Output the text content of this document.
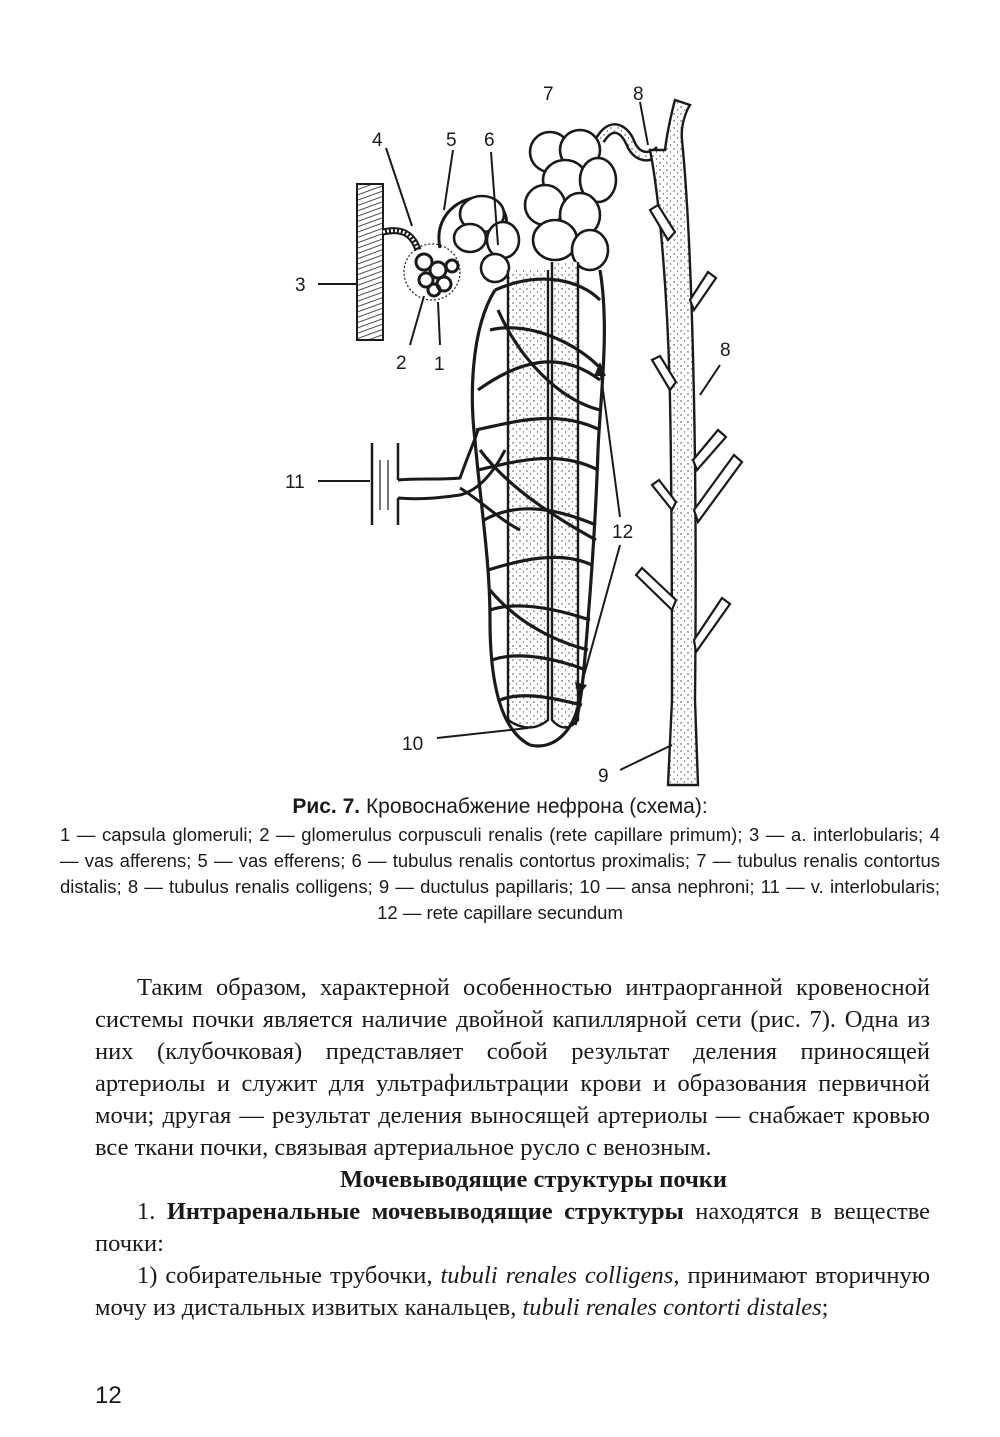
3
4	5 6
7	8
2 1
8
11
12
10
9
Рис. 7. Кровоснабжение нефрона (схема):
1 — capsula glomeruli; 2 — glomerulus corpusculi renalis (rete capillare primum); 3 — a. interlobularis; 4 — vas afferens; 5 — vas efferens; 6 — tubulus renalis contortus proximalis; 7 — tubulus renalis contortus distalis; 8 — tubulus renalis colligens; 9 — ductulus papillaris; 10 — ansa nephroni; 11 — v. interlobularis; 12 — rete capillare secundum

Таким образом, характерной особенностью интраорганной кровеносной системы почки является наличие двойной капиллярной сети (рис. 7). Одна из них (клубочковая) представляет собой результат деления приносящей артериолы и служит для ультрафильтрации крови и образования первичной мочи; другая — результат деления выносящей артериолы — снабжает кровью все ткани почки, связывая артериальное русло с венозным.

Мочевыводящие структуры почки

1. Интраренальные мочевыводящие структуры находятся в веществе почки:

1) собирательные трубочки, tubuli renales colligens, принимают вторичную мочу из дистальных извитых канальцев, tubuli renales contorti distales;

12
